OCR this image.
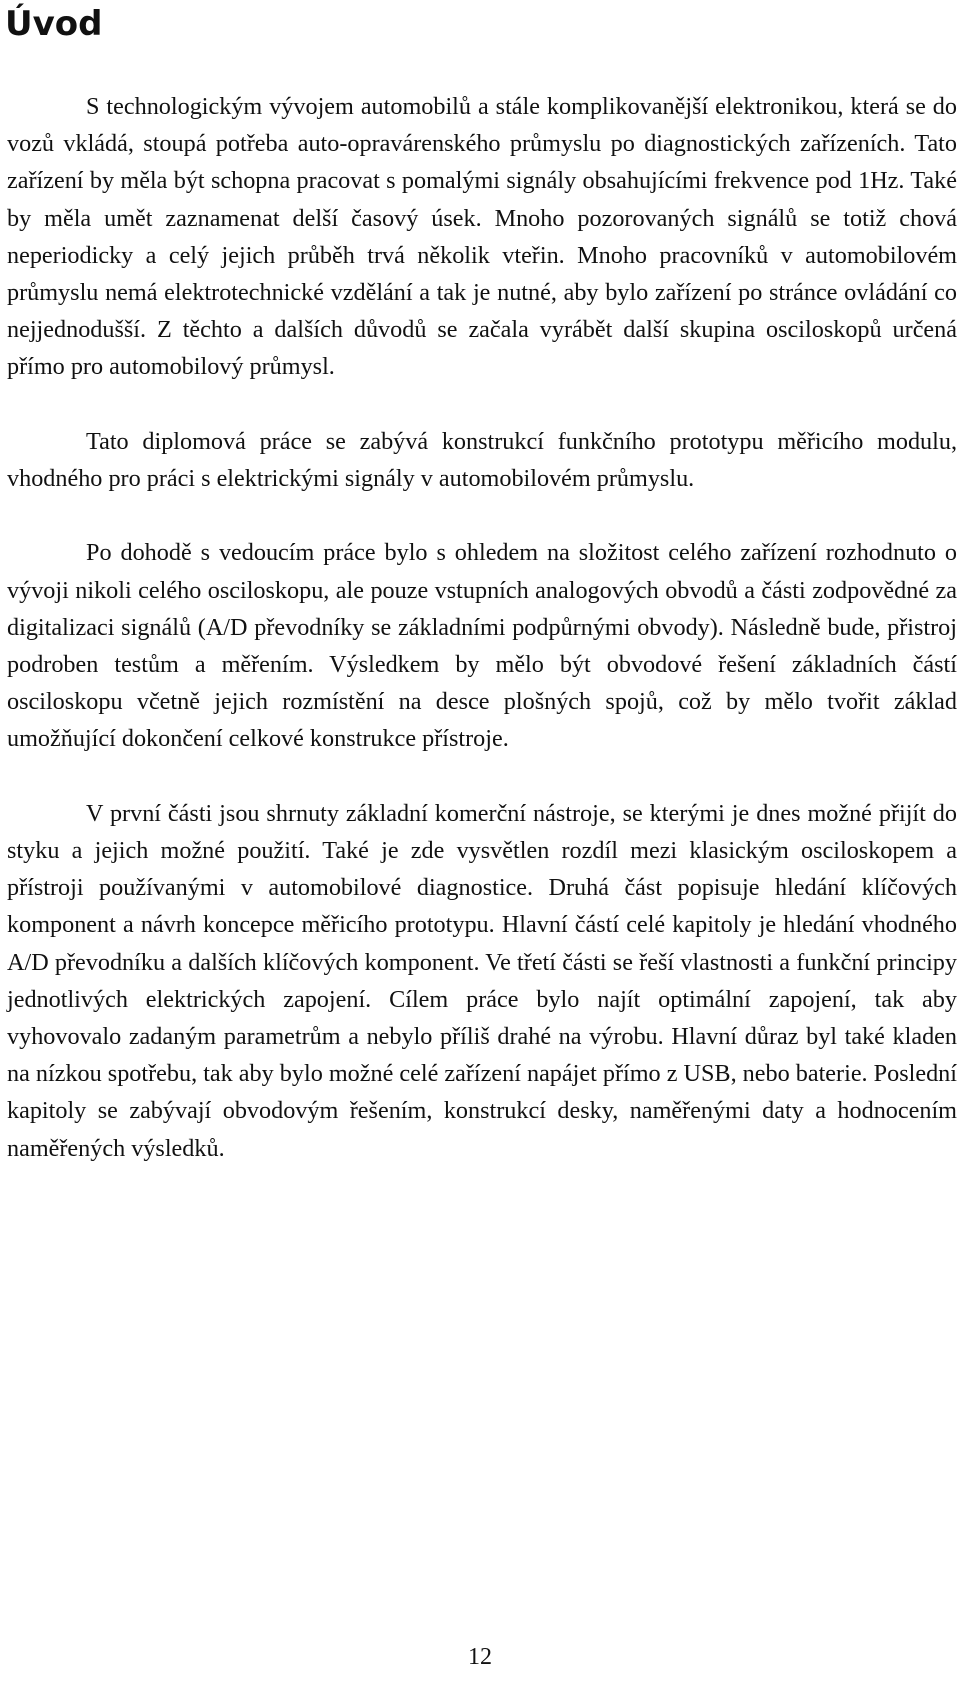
Úvod

S technologickým vývojem automobilů a stále komplikovanější elektronikou, která se do vozů vkládá, stoupá potřeba auto-opravárenského průmyslu po diagnostických zařízeních. Tato zařízení by měla být schopna pracovat s pomalými signály obsahujícími frekvence pod 1Hz. Také by měla umět zaznamenat delší časový úsek. Mnoho pozorovaných signálů se totiž chová neperiodicky a celý jejich průběh trvá několik vteřin. Mnoho pracovníků v automobilovém průmyslu nemá elektrotechnické vzdělání a tak je nutné, aby bylo zařízení po stránce ovládání co nejjednodušší. Z těchto a dalších důvodů se začala vyrábět další skupina osciloskopů určená přímo pro automobilový průmysl.

Tato diplomová práce se zabývá konstrukcí funkčního prototypu měřicího modulu, vhodného pro práci s elektrickými signály v automobilovém průmyslu.

Po dohodě s vedoucím práce bylo s ohledem na složitost celého zařízení rozhodnuto o vývoji nikoli celého osciloskopu, ale pouze vstupních analogových obvodů a části zodpovědné za digitalizaci signálů (A/D převodníky se základními podpůrnými obvody). Následně bude, přistroj podroben testům a měřením. Výsledkem by mělo být obvodové řešení základních částí osciloskopu včetně jejich rozmístění na desce plošných spojů, což by mělo tvořit základ umožňující dokončení celkové konstrukce přístroje.

V první části jsou shrnuty základní komerční nástroje, se kterými je dnes možné přijít do styku a jejich možné použití. Také je zde vysvětlen rozdíl mezi klasickým osciloskopem a přístroji používanými v automobilové diagnostice. Druhá část popisuje hledání klíčových komponent a návrh koncepce měřicího prototypu. Hlavní částí celé kapitoly je hledání vhodného A/D převodníku a dalších klíčových komponent. Ve třetí části se řeší vlastnosti a funkční principy jednotlivých elektrických zapojení. Cílem práce bylo najít optimální zapojení, tak aby vyhovovalo zadaným parametrům a nebylo příliš drahé na výrobu. Hlavní důraz byl také kladen na nízkou spotřebu, tak aby bylo možné celé zařízení napájet přímo z USB, nebo baterie. Poslední kapitoly se zabývají obvodovým řešením, konstrukcí desky, naměřenými daty a hodnocením naměřených výsledků.

12
